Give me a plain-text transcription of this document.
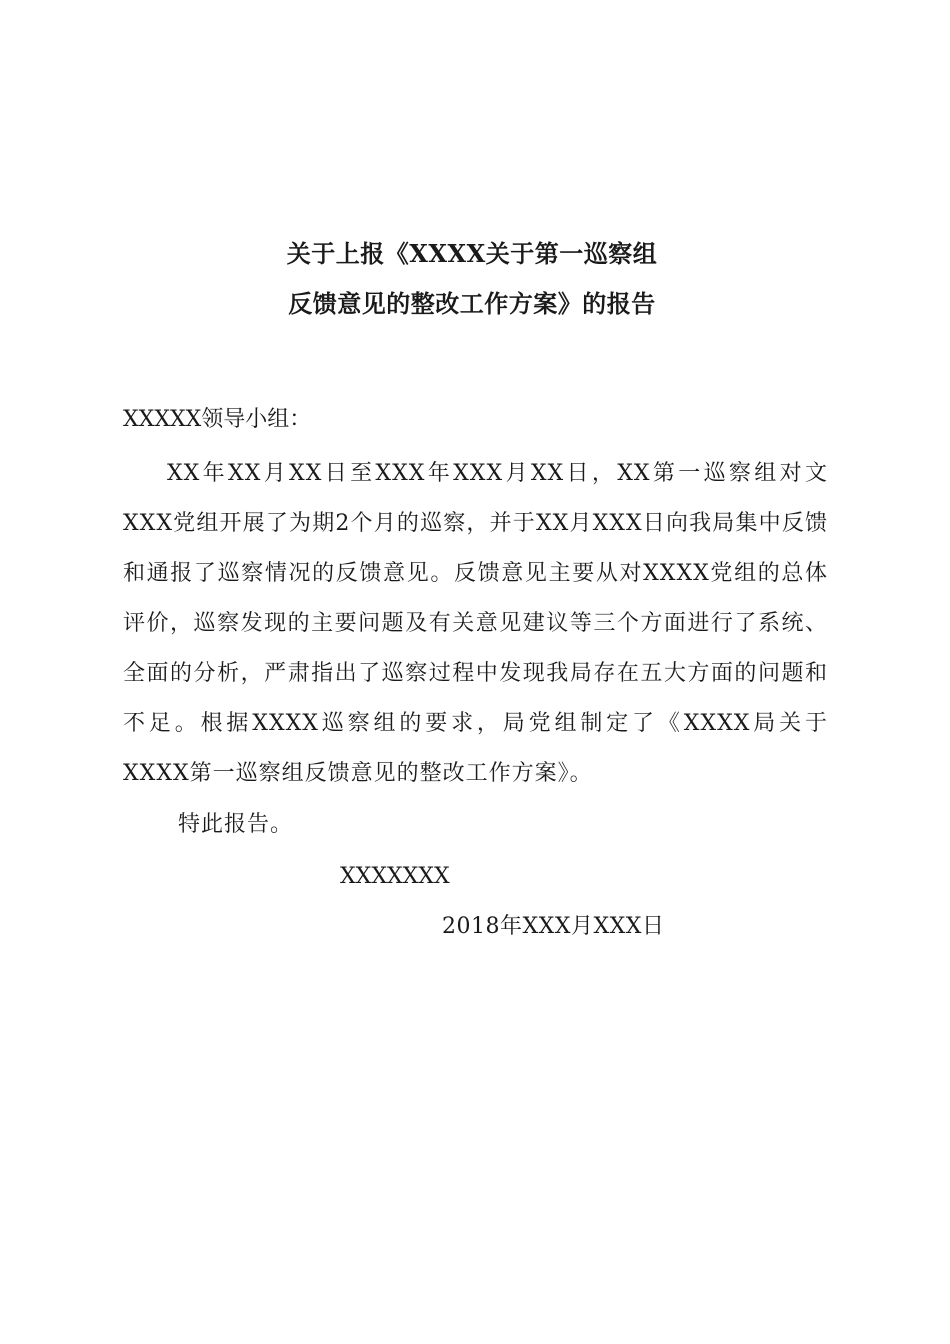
关于上报《XXXX关于第一巡察组
反馈意见的整改工作方案》的报告
XXXXX领导小组：

XX年XX月XX日至XXX年XXX月XX日，XX第一巡察组对文XXX党组开展了为期2个月的巡察，并于XX月XXX日向我局集中反馈和通报了巡察情况的反馈意见。反馈意见主要从对XXXX党组的总体评价，巡察发现的主要问题及有关意见建议等三个方面进行了系统、全面的分析，严肃指出了巡察过程中发现我局存在五大方面的问题和不足。根据XXXX巡察组的要求，局党组制定了《XXXX局关于XXXX第一巡察组反馈意见的整改工作方案》。

特此报告。
XXXXXXX
2018年XXX月XXX日
